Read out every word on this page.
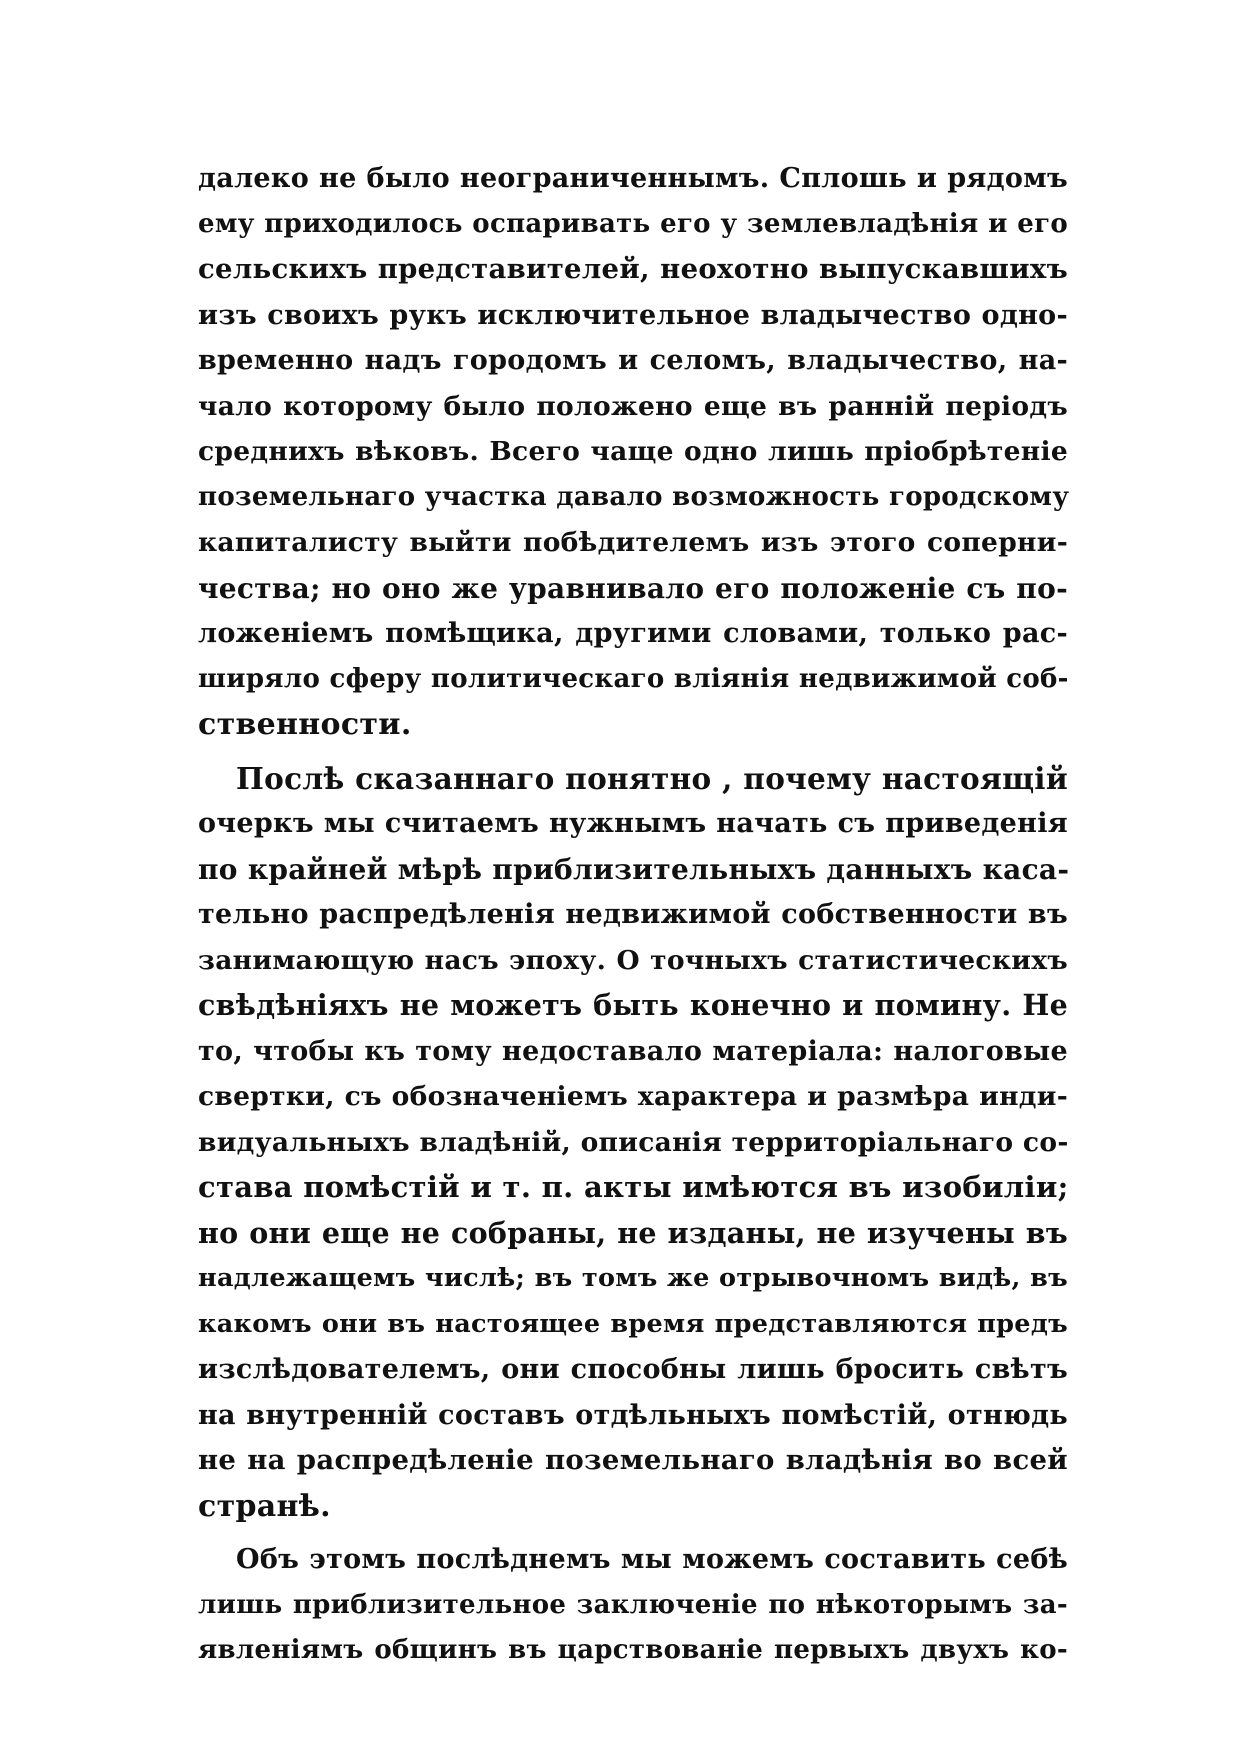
далеко не было неограниченнымъ. Сплошь и рядомъ
ему приходилось оспаривать его у землевладѣнія и его
сельскихъ представителей, неохотно выпускавшихъ
изъ своихъ рукъ исключительное владычество одно-
временно надъ городомъ и селомъ, владычество, на-
чало которому было положено еще въ ранній періодъ
среднихъ вѣковъ. Всего чаще одно лишь пріобрѣтеніе
поземельнаго участка давало возможность городскому
капиталисту выйти побѣдителемъ изъ этого соперни-
чества; но оно же уравнивало его положеніе съ по-
ложеніемъ помѣщика, другими словами, только рас-
ширяло сферу политическаго вліянія недвижимой соб-
ственности.
Послѣ сказаннаго понятно , почему настоящій
очеркъ мы считаемъ нужнымъ начать съ приведенія
по крайней мѣрѣ приблизительныхъ данныхъ каса-
тельно распредѣленія недвижимой собственности въ
занимающую насъ эпоху. О точныхъ статистическихъ
свѣдѣніяхъ не можетъ быть конечно и помину. Не
то, чтобы къ тому недоставало матеріала: налоговые
свертки, съ обозначеніемъ характера и размѣра инди-
видуальныхъ владѣній, описанія территоріальнаго со-
става помѣстій и т. п. акты имѣются въ изобиліи;
но они еще не собраны, не изданы, не изучены въ
надлежащемъ числѣ; въ томъ же отрывочномъ видѣ, въ
какомъ они въ настоящее время представляются предъ
изслѣдователемъ, они способны лишь бросить свѣтъ
на внутренній составъ отдѣльныхъ помѣстій, отнюдь
не на распредѣленіе поземельнаго владѣнія во всей
странѣ.
Объ этомъ послѣднемъ мы можемъ составить себѣ
лишь приблизительное заключеніе по нѣкоторымъ за-
явленіямъ общинъ въ царствованіе первыхъ двухъ ко-
